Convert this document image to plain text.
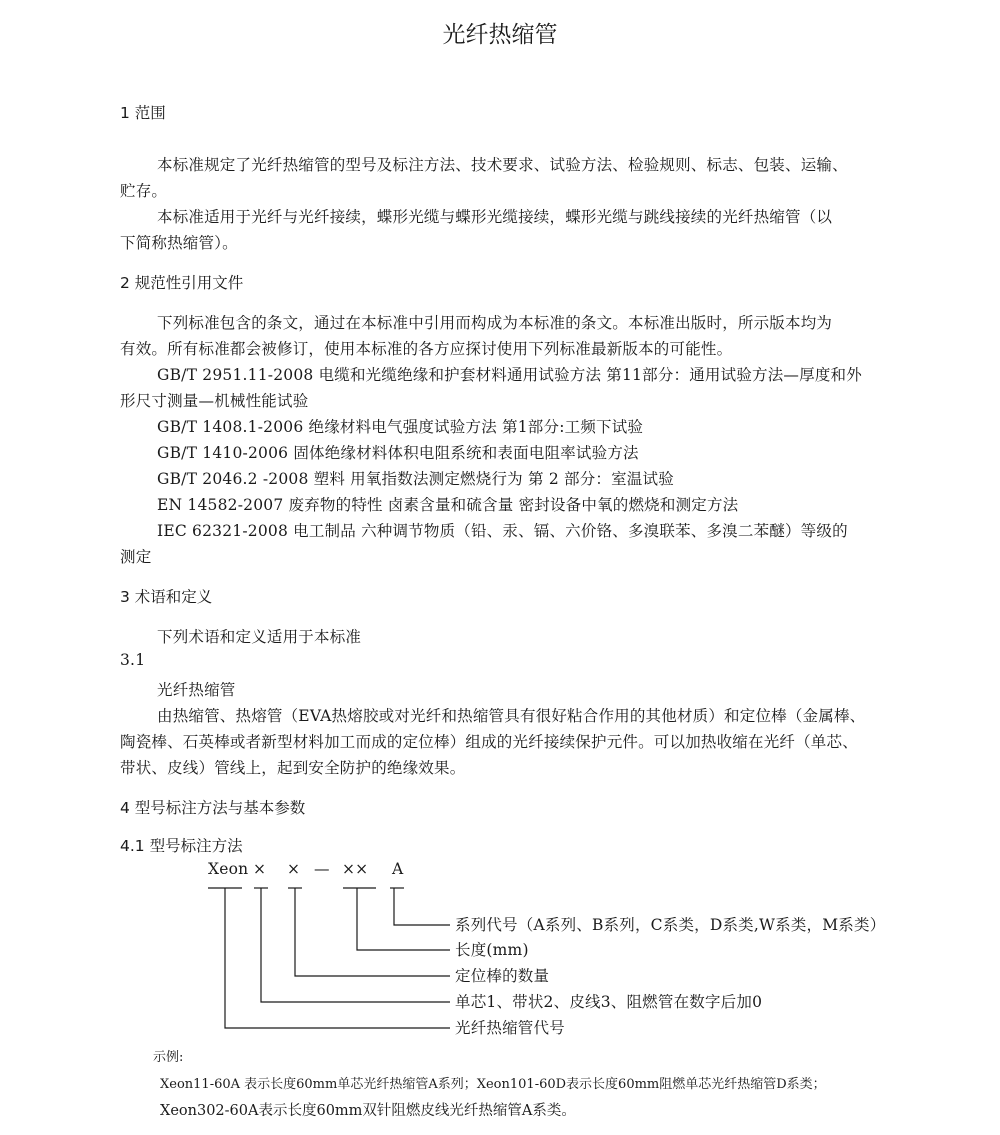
光纤热缩管
1 范围
本标准规定了光纤热缩管的型号及标注方法、技术要求、试验方法、检验规则、标志、包装、运输、
贮存。
本标准适用于光纤与光纤接续，蝶形光缆与蝶形光缆接续，蝶形光缆与跳线接续的光纤热缩管（以
下简称热缩管）。
2 规范性引用文件
下列标准包含的条文，通过在本标准中引用而构成为本标准的条文。本标准出版时，所示版本均为
有效。所有标准都会被修订，使用本标准的各方应探讨使用下列标准最新版本的可能性。
GB/T 2951.11-2008 电缆和光缆绝缘和护套材料通用试验方法 第11部分：通用试验方法—厚度和外
形尺寸测量—机械性能试验
GB/T 1408.1-2006 绝缘材料电气强度试验方法 第1部分:工频下试验
GB/T 1410-2006 固体绝缘材料体积电阻系统和表面电阻率试验方法
GB/T 2046.2 -2008 塑料 用氧指数法测定燃烧行为 第 2 部分：室温试验
EN 14582-2007 废弃物的特性 卤素含量和硫含量 密封设备中氧的燃烧和测定方法
IEC 62321-2008 电工制品 六种调节物质（铅、汞、镉、六价铬、多溴联苯、多溴二苯醚）等级的
测定
3 术语和定义
下列术语和定义适用于本标准
3.1
光纤热缩管
由热缩管、热熔管（EVA热熔胶或对光纤和热缩管具有很好粘合作用的其他材质）和定位棒（金属棒、
陶瓷棒、石英棒或者新型材料加工而成的定位棒）组成的光纤接续保护元件。可以加热收缩在光纤（单芯、
带状、皮线）管线上，起到安全防护的绝缘效果。
4 型号标注方法与基本参数
4.1 型号标注方法
Xeon × × — ×× A
系列代号（A系列、B系列，C系类，D系类,W系类，M系类）
长度(mm)
定位棒的数量
单芯1、带状2、皮线3、阻燃管在数字后加0
光纤热缩管代号
示例:
Xeon11-60A 表示长度60mm单芯光纤热缩管A系列；Xeon101-60D表示长度60mm阻燃单芯光纤热缩管D系类；
Xeon302-60A表示长度60mm双针阻燃皮线光纤热缩管A系类。
